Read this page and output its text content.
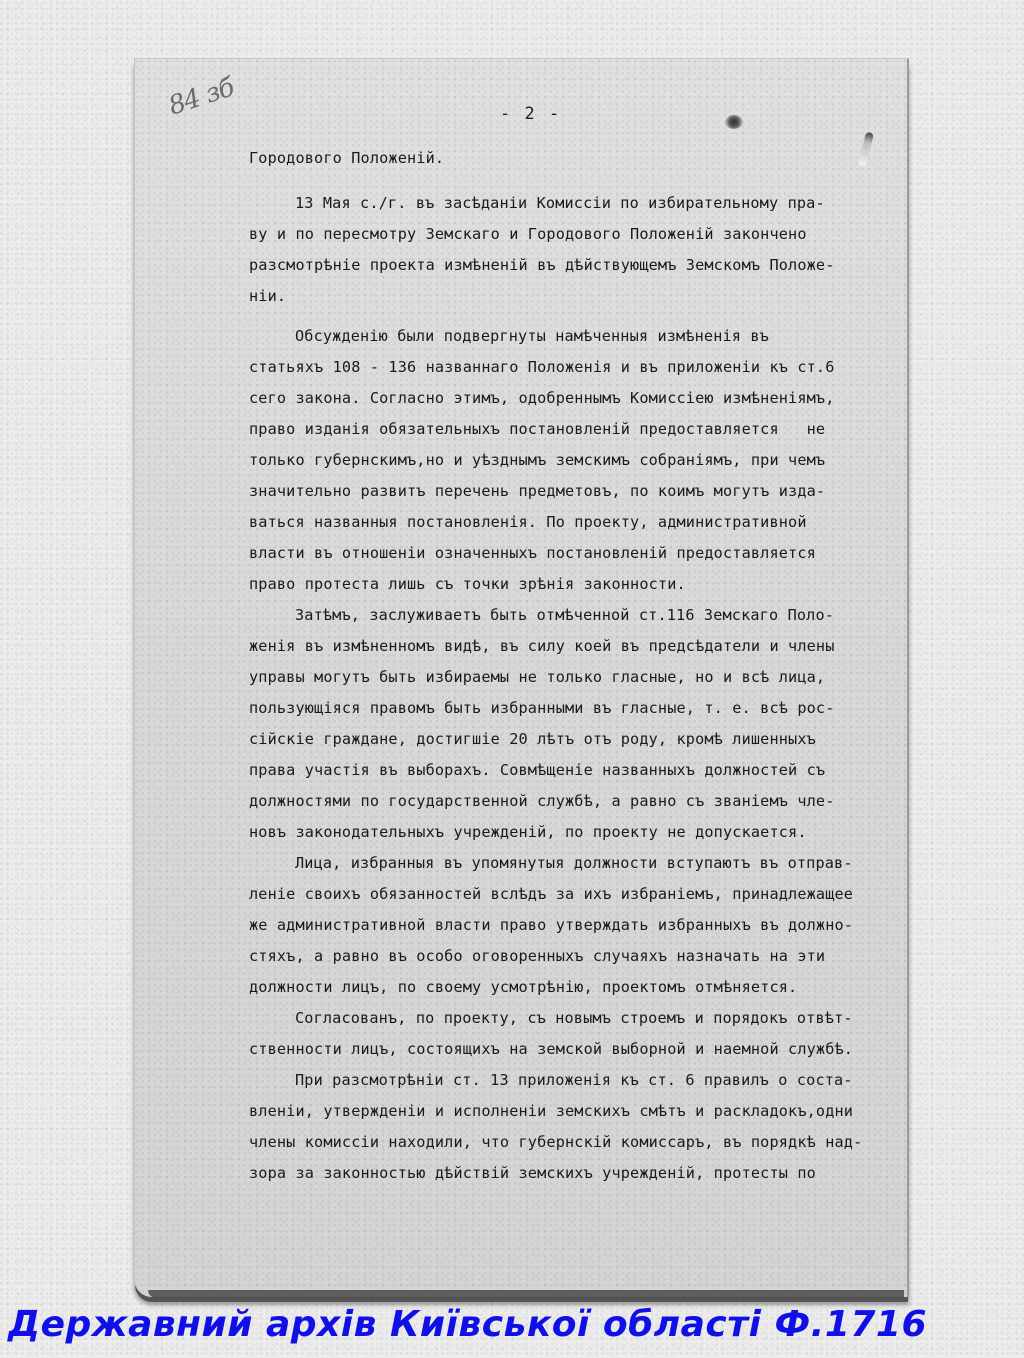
84 зб	- 2 -
Городового Положенiй.
13 Мая с./г. въ засѣданiи Комиссiи по избирательному пра-
ву и по пересмотру Земскаго и Городового Положенiй закончено
разсмотрѣнiе проекта измѣненiй въ дѣйствующемъ Земскомъ Положе-
нiи.
Обсужденiю были подвергнуты намѣченныя измѣненiя въ
статьяхъ 108 - 136 названнаго Положенiя и въ приложенiи къ ст.6
сего закона. Согласно этимъ, одобреннымъ Комиссiею измѣненiямъ,
право изданiя обязательныхъ постановленiй предоставляется   не
только губернскимъ,но и уѣзднымъ земскимъ собранiямъ, при чемъ
значительно развитъ перечень предметовъ, по коимъ могутъ изда-
ваться названныя постановленiя. По проекту, административной
власти въ отношенiи означенныхъ постановленiй предоставляется
право протеста лишь съ точки зрѣнiя законности.
Затѣмъ, заслуживаетъ быть отмѣченной ст.116 Земскаго Поло-
женiя въ измѣненномъ видѣ, въ силу коей въ предсѣдатели и члены
управы могутъ быть избираемы не только гласные, но и всѣ лица,
пользующiяся правомъ быть избранными въ гласные, т. е. всѣ рос-
сiйскiе граждане, достигшiе 20 лѣтъ отъ роду, кромѣ лишенныхъ
права участiя въ выборахъ. Совмѣщенiе названныхъ должностей съ
должностями по государственной службѣ, а равно съ званiемъ чле-
новъ законодательныхъ учрежденiй, по проекту не допускается.
Лица, избранныя въ упомянутыя должности вступаютъ въ отправ-
ленiе своихъ обязанностей вслѣдъ за ихъ избранiемъ, принадлежащее
же административной власти право утверждать избранныхъ въ должно-
стяхъ, а равно въ особо оговоренныхъ случаяхъ назначать на эти
должности лицъ, по своему усмотрѣнiю, проектомъ отмѣняется.
Согласованъ, по проекту, съ новымъ строемъ и порядокъ отвѣт-
ственности лицъ, состоящихъ на земской выборной и наемной службѣ.
При разсмотрѣнiи ст. 13 приложенiя къ ст. 6 правилъ о соста-
вленiи, утвержденiи и исполненiи земскихъ смѣтъ и раскладокъ,одни
члены комиссiи находили, что губернскiй комиссаръ, въ порядкѣ над-
зора за законностью дѣйствiй земскихъ учрежденiй, протесты по
Державний архів Київської області Ф.1716
